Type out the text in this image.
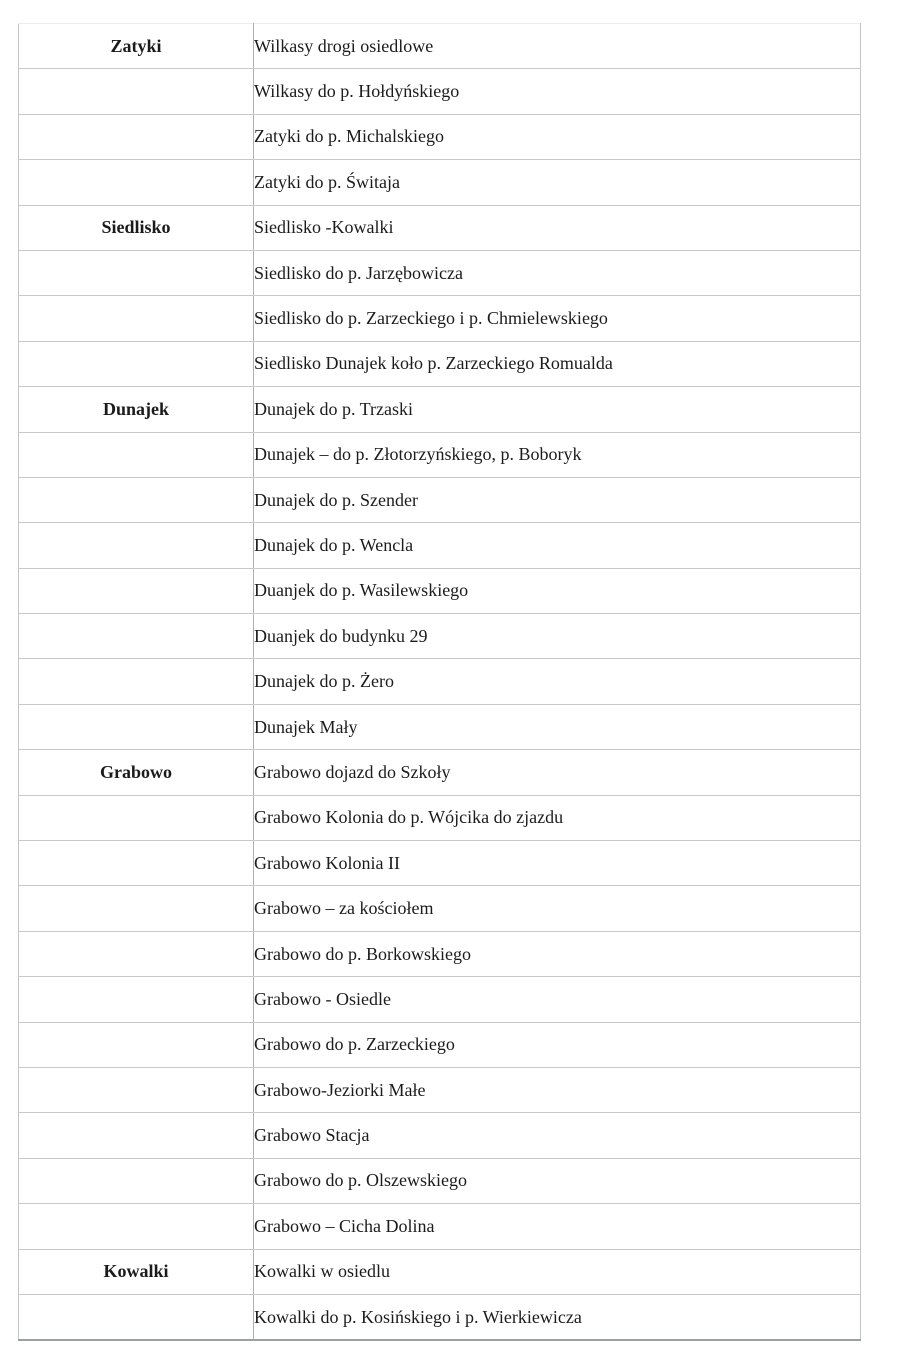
Zatyki	Wilkasy drogi osiedlowe
	Wilkasy do p. Hołdyńskiego
	Zatyki do p. Michalskiego
	Zatyki do p. Świtaja
Siedlisko	Siedlisko -Kowalki
	Siedlisko do p. Jarzębowicza
	Siedlisko do p. Zarzeckiego i p. Chmielewskiego
	Siedlisko Dunajek koło p. Zarzeckiego Romualda
Dunajek	Dunajek do p. Trzaski
	Dunajek – do p. Złotorzyńskiego, p. Boboryk
	Dunajek do p. Szender
	Dunajek do p. Wencla
	Duanjek do p. Wasilewskiego
	Duanjek do budynku 29
	Dunajek do p. Żero
	Dunajek Mały
Grabowo	Grabowo dojazd do Szkoły
	Grabowo Kolonia do p. Wójcika do zjazdu
	Grabowo Kolonia II
	Grabowo – za kościołem
	Grabowo do p. Borkowskiego
	Grabowo - Osiedle
	Grabowo do p. Zarzeckiego
	Grabowo-Jeziorki Małe
	Grabowo Stacja
	Grabowo do p. Olszewskiego
	Grabowo – Cicha Dolina
Kowalki	Kowalki w osiedlu
	Kowalki do p. Kosińskiego i p. Wierkiewicza
